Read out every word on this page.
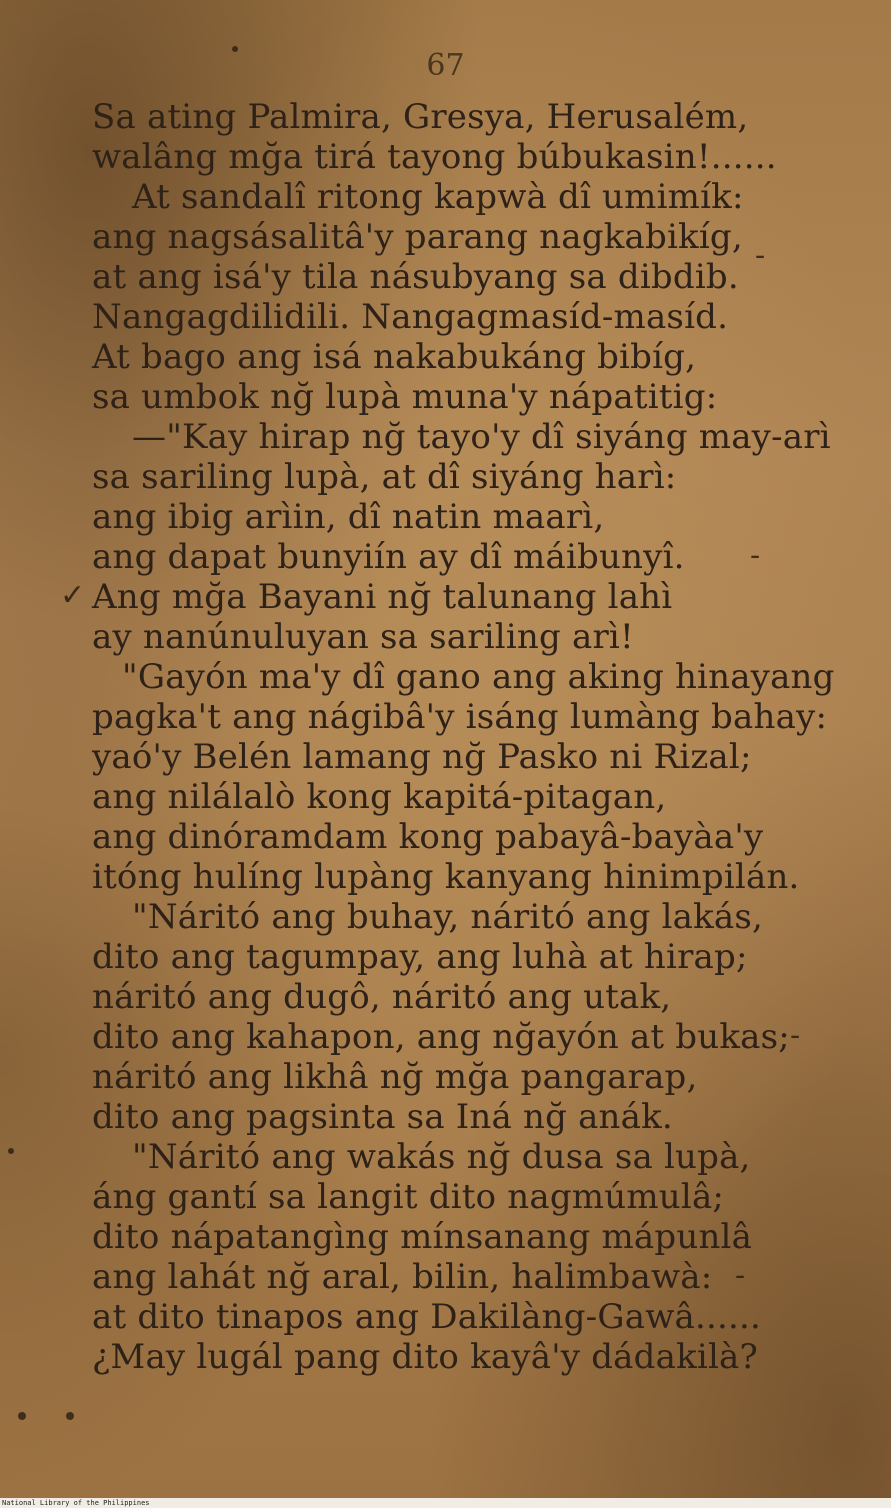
67
Sa ating Palmira, Gresya, Herusalém,
walâng mğa tirá tayong búbukasin!......
At sandalî ritong kapwà dî umimík:
ang nagsásalitâ'y parang nagkabikíg,
at ang isá'y tila násubyang sa dibdib.
Nangagdilidili. Nangagmasíd-masíd.
At bago ang isá nakabukáng bibíg,
sa umbok nğ lupà muna'y nápatitig:
—"Kay hirap nğ tayo'y dî siyáng may-arì
sa sariling lupà, at dî siyáng harì:
ang ibig arìin, dî natin maarì,
ang dapat bunyiín ay dî máibunyî.
Ang mğa Bayani nğ talunang lahì
ay nanúnuluyan sa sariling arì!
"Gayón ma'y dî gano ang aking hinayang
pagka't ang nágibâ'y isáng lumàng bahay:
yaó'y Belén lamang nğ Pasko ni Rizal;
ang nilálalò kong kapitá-pitagan,
ang dinóramdam kong pabayâ-bayàa'y
itóng hulíng lupàng kanyang hinimpilán.
"Náritó ang buhay, náritó ang lakás,
dito ang tagumpay, ang luhà at hirap;
náritó ang dugô, náritó ang utak,
dito ang kahapon, ang nğayón at bukas;
náritó ang likhâ nğ mğa pangarap,
dito ang pagsinta sa Iná nğ anák.
"Náritó ang wakás nğ dusa sa lupà,
áng gantí sa langit dito nagmúmulâ;
dito nápatangìng mínsanang mápunlâ
ang lahát nğ aral, bilin, halimbawà:
at dito tinapos ang Dakilàng-Gawâ......
¿May lugál pang dito kayâ'y dádakilà?
✓
-
-
-
-
National Library of the Philippines
